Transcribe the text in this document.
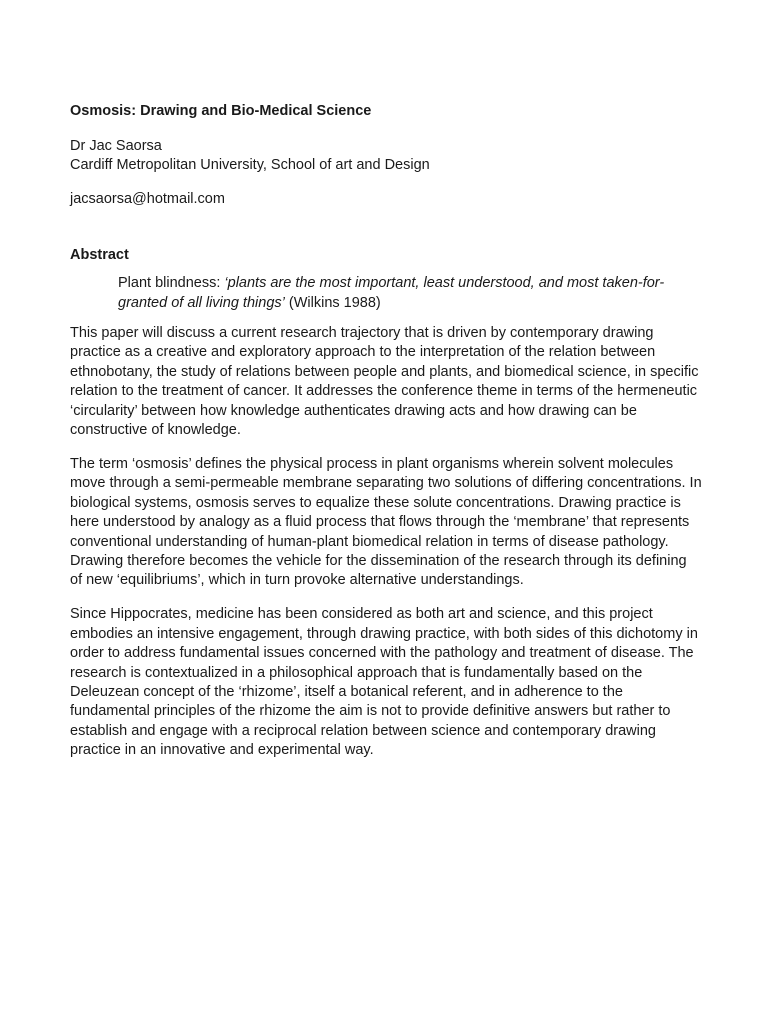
Osmosis: Drawing and Bio-Medical Science
Dr Jac Saorsa
Cardiff Metropolitan University, School of art and Design
jacsaorsa@hotmail.com
Abstract
Plant blindness: ‘plants are the most important, least understood, and most taken-for-granted of all living things’ (Wilkins 1988)

This paper will discuss a current research trajectory that is driven by contemporary drawing practice as a creative and exploratory approach to the interpretation of the relation between ethnobotany, the study of relations between people and plants, and biomedical science, in specific relation to the treatment of cancer. It addresses the conference theme in terms of the hermeneutic ‘circularity’ between how knowledge authenticates drawing acts and how drawing can be constructive of knowledge.

The term ‘osmosis’ defines the physical process in plant organisms wherein solvent molecules move through a semi-permeable membrane separating two solutions of differing concentrations. In biological systems, osmosis serves to equalize these solute concentrations. Drawing practice is here understood by analogy as a fluid process that flows through the ‘membrane’ that represents conventional understanding of human-plant biomedical relation in terms of disease pathology. Drawing therefore becomes the vehicle for the dissemination of the research through its defining of new ‘equilibriums’, which in turn provoke alternative understandings.

Since Hippocrates, medicine has been considered as both art and science, and this project embodies an intensive engagement, through drawing practice, with both sides of this dichotomy in order to address fundamental issues concerned with the pathology and treatment of disease. The research is contextualized in a philosophical approach that is fundamentally based on the Deleuzean concept of the ‘rhizome’, itself a botanical referent, and in adherence to the fundamental principles of the rhizome the aim is not to provide definitive answers but rather to establish and engage with a reciprocal relation between science and contemporary drawing practice in an innovative and experimental way.
